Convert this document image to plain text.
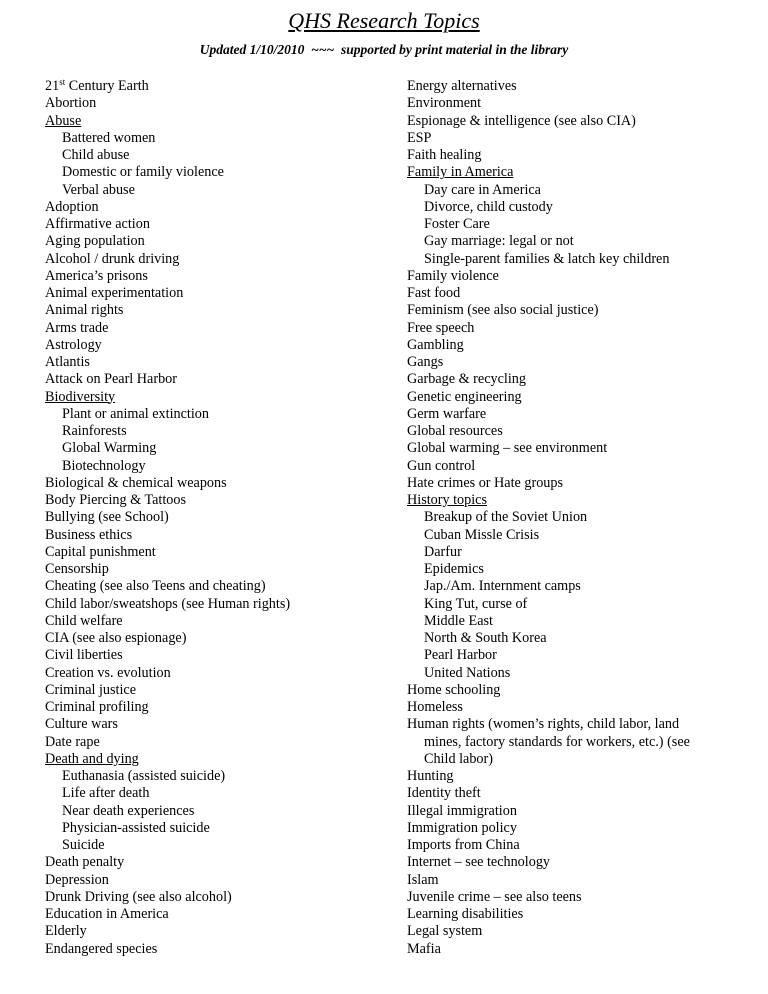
QHS Research Topics
Updated 1/10/2010  ~~~  supported by print material in the library
21st Century Earth
Abortion
Abuse
Battered women
Child abuse
Domestic or family violence
Verbal abuse
Adoption
Affirmative action
Aging population
Alcohol / drunk driving
America’s prisons
Animal experimentation
Animal rights
Arms trade
Astrology
Atlantis
Attack on Pearl Harbor
Biodiversity
Plant or animal extinction
Rainforests
Global Warming
Biotechnology
Biological & chemical weapons
Body Piercing & Tattoos
Bullying (see School)
Business ethics
Capital punishment
Censorship
Cheating (see also Teens and cheating)
Child labor/sweatshops (see Human rights)
Child welfare
CIA (see also espionage)
Civil liberties
Creation vs. evolution
Criminal justice
Criminal profiling
Culture wars
Date rape
Death and dying
Euthanasia (assisted suicide)
Life after death
Near death experiences
Physician-assisted suicide
Suicide
Death penalty
Depression
Drunk Driving (see also alcohol)
Education in America
Elderly
Endangered species
Energy alternatives
Environment
Espionage & intelligence (see also CIA)
ESP
Faith healing
Family in America
Day care in America
Divorce, child custody
Foster Care
Gay marriage: legal or not
Single-parent families & latch key children
Family violence
Fast food
Feminism (see also social justice)
Free speech
Gambling
Gangs
Garbage & recycling
Genetic engineering
Germ warfare
Global resources
Global warming – see environment
Gun control
Hate crimes or Hate groups
History topics
Breakup of the Soviet Union
Cuban Missle Crisis
Darfur
Epidemics
Jap./Am. Internment camps
King Tut, curse of
Middle East
North & South Korea
Pearl Harbor
United Nations
Home schooling
Homeless
Human rights (women’s rights, child labor, land
mines, factory standards for workers, etc.) (see
Child labor)
Hunting
Identity theft
Illegal immigration
Immigration policy
Imports from China
Internet – see technology
Islam
Juvenile crime – see also teens
Learning disabilities
Legal system
Mafia
